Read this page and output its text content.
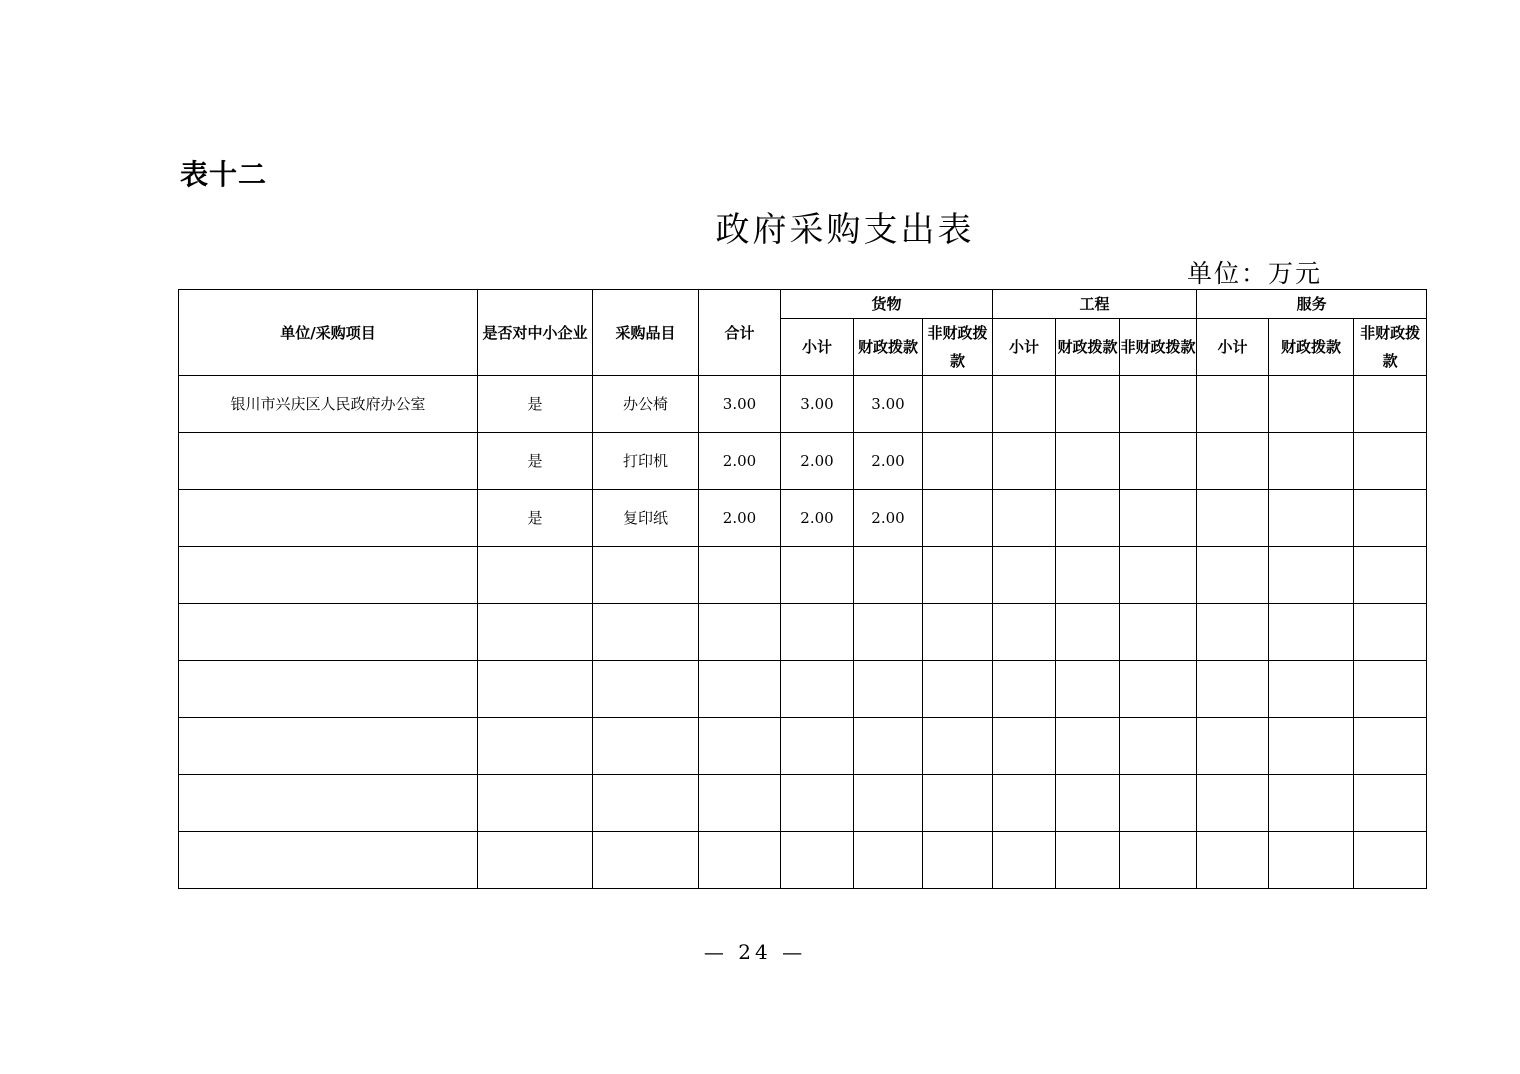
表十二
政府采购支出表
单位：万元
单位/采购项目	是否对中小企业	采购品目	合计	货物			工程			服务		
				小计	财政拨款	非财政拨款	小计	财政拨款	非财政拨款	小计	财政拨款	非财政拨款
银川市兴庆区人民政府办公室	是	办公椅	3.00	3.00	3.00							
	是	打印机	2.00	2.00	2.00							
	是	复印纸	2.00	2.00	2.00							

— 24 —
